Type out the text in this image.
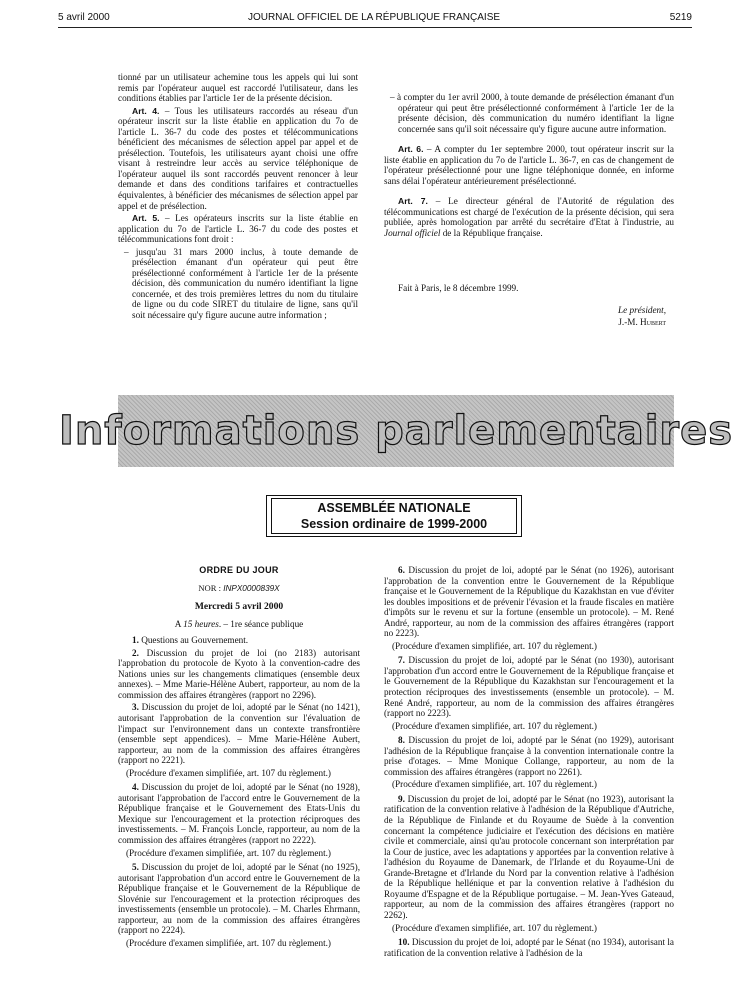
5 avril 2000	JOURNAL OFFICIEL DE LA RÉPUBLIQUE FRANÇAISE	5219

tionné par un utilisateur achemine tous les appels qui lui sont remis par l'opérateur auquel est raccordé l'utilisateur, dans les conditions établies par l'article 1er de la présente décision.

Art. 4. – Tous les utilisateurs raccordés au réseau d'un opérateur inscrit sur la liste établie en application du 7o de l'article L. 36-7 du code des postes et télécommunications bénéficient des mécanismes de sélection appel par appel et de présélection. Toutefois, les utilisateurs ayant choisi une offre visant à restreindre leur accès au service téléphonique de l'opérateur auquel ils sont raccordés peuvent renoncer à leur demande et dans des conditions tarifaires et contractuelles équivalentes, à bénéficier des mécanismes de sélection appel par appel et de présélection.

Art. 5. – Les opérateurs inscrits sur la liste établie en application du 7o de l'article L. 36-7 du code des postes et télécommunications font droit :

– jusqu'au 31 mars 2000 inclus, à toute demande de présélection émanant d'un opérateur qui peut être présélectionné conformément à l'article 1er de la présente décision, dès communication du numéro identifiant la ligne concernée, et des trois premières lettres du nom du titulaire de ligne ou du code SIRET du titulaire de ligne, sans qu'il soit nécessaire qu'y figure aucune autre information ;

– à compter du 1er avril 2000, à toute demande de présélection émanant d'un opérateur qui peut être présélectionné conformément à l'article 1er de la présente décision, dès communication du numéro identifiant la ligne concernée sans qu'il soit nécessaire qu'y figure aucune autre information.

Art. 6. – A compter du 1er septembre 2000, tout opérateur inscrit sur la liste établie en application du 7o de l'article L. 36-7, en cas de changement de l'opérateur présélectionné pour une ligne téléphonique donnée, en informe sans délai l'opérateur antérieurement présélectionné.

Art. 7. – Le directeur général de l'Autorité de régulation des télécommunications est chargé de l'exécution de la présente décision, qui sera publiée, après homologation par arrêté du secrétaire d'Etat à l'industrie, au Journal officiel de la République française.

Fait à Paris, le 8 décembre 1999.
Le président,
J.-M. Hubert
Informations parlementaires
ASSEMBLÉE NATIONALE
Session ordinaire de 1999-2000

ORDRE DU JOUR

NOR : INPX0000839X

Mercredi 5 avril 2000

A 15 heures. – 1re séance publique

1. Questions au Gouvernement.

2. Discussion du projet de loi (no 2183) autorisant l'approbation du protocole de Kyoto à la convention-cadre des Nations unies sur les changements climatiques (ensemble deux annexes). – Mme Marie-Hélène Aubert, rapporteur, au nom de la commission des affaires étrangères (rapport no 2296).

3. Discussion du projet de loi, adopté par le Sénat (no 1421), autorisant l'approbation de la convention sur l'évaluation de l'impact sur l'environnement dans un contexte transfrontière (ensemble sept appendices). – Mme Marie-Hélène Aubert, rapporteur, au nom de la commission des affaires étrangères (rapport no 2221).

(Procédure d'examen simplifiée, art. 107 du règlement.)

4. Discussion du projet de loi, adopté par le Sénat (no 1928), autorisant l'approbation de l'accord entre le Gouvernement de la République française et le Gouvernement des Etats-Unis du Mexique sur l'encouragement et la protection réciproques des investissements. – M. François Loncle, rapporteur, au nom de la commission des affaires étrangères (rapport no 2222).

(Procédure d'examen simplifiée, art. 107 du règlement.)

5. Discussion du projet de loi, adopté par le Sénat (no 1925), autorisant l'approbation d'un accord entre le Gouvernement de la République française et le Gouvernement de la République de Slovénie sur l'encouragement et la protection réciproques des investissements (ensemble un protocole). – M. Charles Ehrmann, rapporteur, au nom de la commission des affaires étrangères (rapport no 2224).

(Procédure d'examen simplifiée, art. 107 du règlement.)

6. Discussion du projet de loi, adopté par le Sénat (no 1926), autorisant l'approbation de la convention entre le Gouvernement de la République française et le Gouvernement de la République du Kazakhstan en vue d'éviter les doubles impositions et de prévenir l'évasion et la fraude fiscales en matière d'impôts sur le revenu et sur la fortune (ensemble un protocole). – M. René André, rapporteur, au nom de la commission des affaires étrangères (rapport no 2223).

(Procédure d'examen simplifiée, art. 107 du règlement.)

7. Discussion du projet de loi, adopté par le Sénat (no 1930), autorisant l'approbation d'un accord entre le Gouvernement de la République française et le Gouvernement de la République du Kazakhstan sur l'encouragement et la protection réciproques des investissements (ensemble un protocole). – M. René André, rapporteur, au nom de la commission des affaires étrangères (rapport no 2223).

(Procédure d'examen simplifiée, art. 107 du règlement.)

8. Discussion du projet de loi, adopté par le Sénat (no 1929), autorisant l'adhésion de la République française à la convention internationale contre la prise d'otages. – Mme Monique Collange, rapporteur, au nom de la commission des affaires étrangères (rapport no 2261).

(Procédure d'examen simplifiée, art. 107 du règlement.)

9. Discussion du projet de loi, adopté par le Sénat (no 1923), autorisant la ratification de la convention relative à l'adhésion de la République d'Autriche, de la République de Finlande et du Royaume de Suède à la convention concernant la compétence judiciaire et l'exécution des décisions en matière civile et commerciale, ainsi qu'au protocole concernant son interprétation par la Cour de justice, avec les adaptations y apportées par la convention relative à l'adhésion du Royaume de Danemark, de l'Irlande et du Royaume-Uni de Grande-Bretagne et d'Irlande du Nord par la convention relative à l'adhésion de la République hellénique et par la convention relative à l'adhésion du Royaume d'Espagne et de la République portugaise. – M. Jean-Yves Gateaud, rapporteur, au nom de la commission des affaires étrangères (rapport no 2262).

(Procédure d'examen simplifiée, art. 107 du règlement.)

10. Discussion du projet de loi, adopté par le Sénat (no 1934), autorisant la ratification de la convention relative à l'adhésion de la
